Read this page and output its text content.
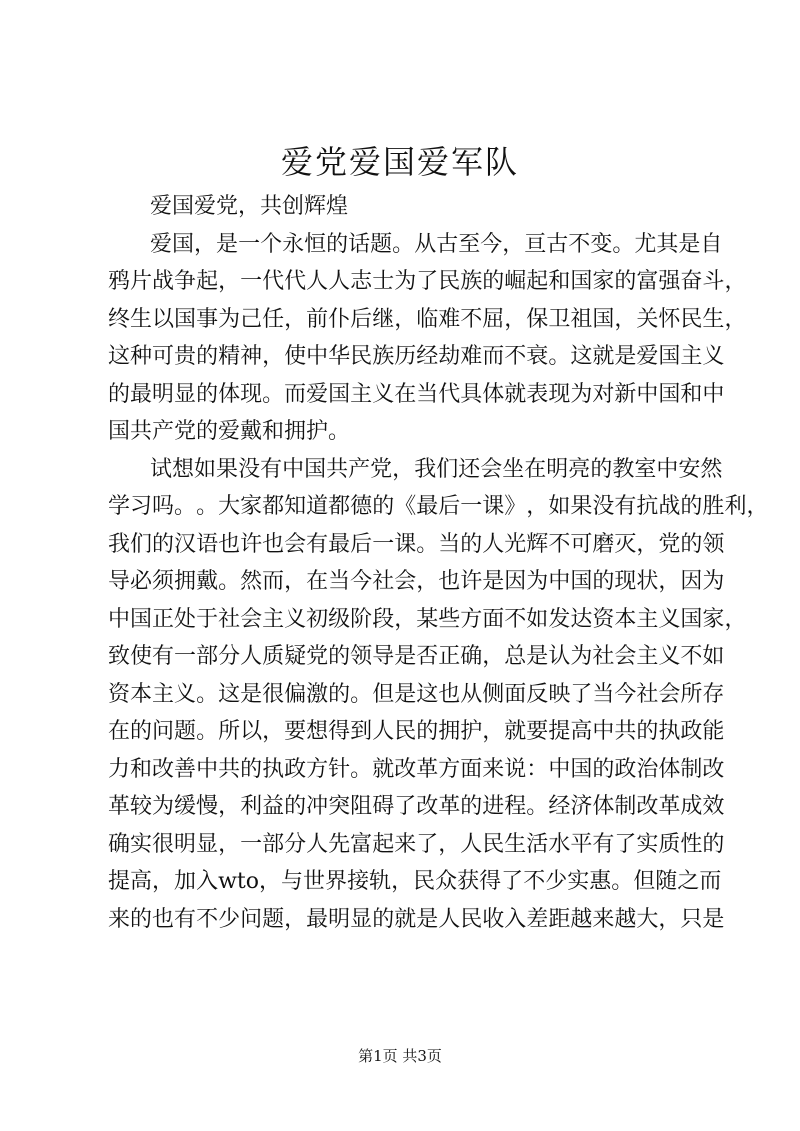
爱党爱国爱军队
爱国爱党，共创辉煌
爱 国 ， 是 一 个 永 恒 的 话 题 。 从 古 至 今 ， 亘 古 不 变 。 尤 其 是 自
鸦 片 战 争 起 ， 一 代 代 人 人 志 士 为 了 民 族 的 崛 起 和 国 家 的 富 强 奋 斗 ，
终 生 以 国 事 为 己 任 ， 前 仆 后 继 ， 临 难 不 屈 ， 保 卫 祖 国 ， 关 怀 民 生 ，
这 种 可 贵 的 精 神 ， 使 中 华 民 族 历 经 劫 难 而 不 衰 。 这 就 是 爱 国 主 义
的 最 明 显 的 体 现 。 而 爱 国 主 义 在 当 代 具 体 就 表 现 为 对 新 中 国 和 中
国共产党的爱戴和拥护。
试 想 如 果 没 有 中 国 共 产 党 ， 我 们 还 会 坐 在 明 亮 的 教 室 中 安 然
学 习 吗 。 。 大 家 都 知 道 都 德 的 《 最 后 一 课 》 ， 如 果 没 有 抗 战 的 胜 利 ，
我 们 的 汉 语 也 许 也 会 有 最 后 一 课 。 当 的 人 光 辉 不 可 磨 灭 ， 党 的 领
导 必 须 拥 戴 。 然 而 ， 在 当 今 社 会 ， 也 许 是 因 为 中 国 的 现 状 ， 因 为
中 国 正 处 于 社 会 主 义 初 级 阶 段 ， 某 些 方 面 不 如 发 达 资 本 主 义 国 家 ，
致 使 有 一 部 分 人 质 疑 党 的 领 导 是 否 正 确 ， 总 是 认 为 社 会 主 义 不 如
资 本 主 义 。 这 是 很 偏 激 的 。 但 是 这 也 从 侧 面 反 映 了 当 今 社 会 所 存
在 的 问 题 。 所 以 ， 要 想 得 到 人 民 的 拥 护 ， 就 要 提 高 中 共 的 执 政 能
力 和 改 善 中 共 的 执 政 方 针 。 就 改 革 方 面 来 说 ： 中 国 的 政 治 体 制 改
革 较 为 缓 慢 ， 利 益 的 冲 突 阻 碍 了 改 革 的 进 程 。 经 济 体 制 改 革 成 效
确 实 很 明 显 ， 一 部 分 人 先 富 起 来 了 ， 人 民 生 活 水 平 有 了 实 质 性 的
提 高 ， 加 入 wto ， 与 世 界 接 轨 ， 民 众 获 得 了 不 少 实 惠 。 但 随 之 而
来 的 也 有 不 少 问 题 ， 最 明 显 的 就 是 人 民 收 入 差 距 越 来 越 大 ， 只 是
第1页 共3页
